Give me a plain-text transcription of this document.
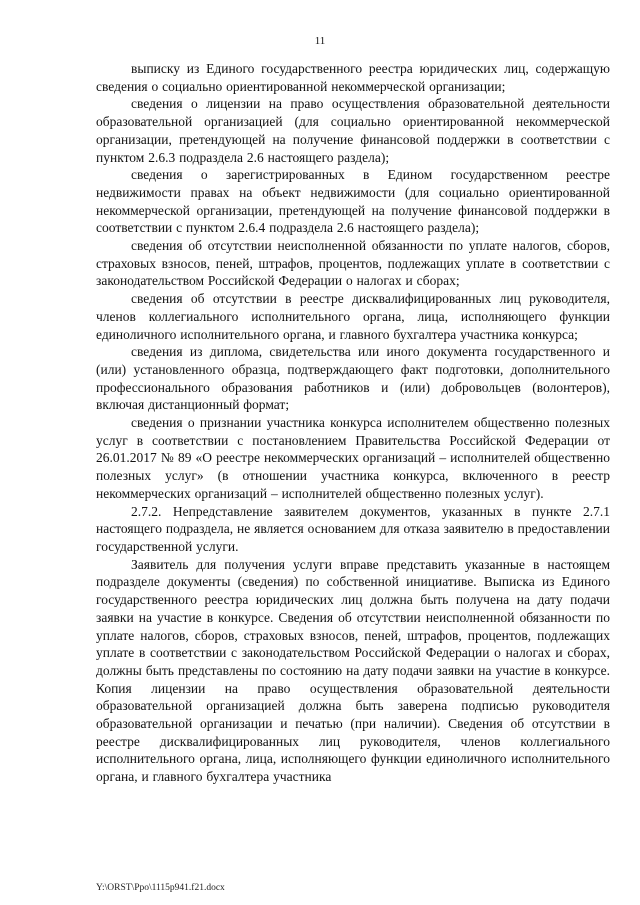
11

выписку из Единого государственного реестра юридических лиц, содержащую сведения о социально ориентированной некоммерческой организации;

сведения о лицензии на право осуществления образовательной деятельности образовательной организацией (для социально ориентированной некоммерческой организации, претендующей на получение финансовой поддержки в соответствии с пунктом 2.6.3 подраздела 2.6 настоящего раздела);

сведения о зарегистрированных в Едином государственном реестре недвижимости правах на объект недвижимости (для социально ориентированной некоммерческой организации, претендующей на получение финансовой поддержки в соответствии с пунктом 2.6.4 подраздела 2.6 настоящего раздела);

сведения об отсутствии неисполненной обязанности по уплате налогов, сборов, страховых взносов, пеней, штрафов, процентов, подлежащих уплате в соответствии с законодательством Российской Федерации о налогах и сборах;

сведения об отсутствии в реестре дисквалифицированных лиц руководителя, членов коллегиального исполнительного органа, лица, исполняющего функции единоличного исполнительного органа, и главного бухгалтера участника конкурса;

сведения из диплома, свидетельства или иного документа государственного и (или) установленного образца, подтверждающего факт подготовки, дополнительного профессионального образования работников и (или) добровольцев (волонтеров), включая дистанционный формат;

сведения о признании участника конкурса исполнителем общественно полезных услуг в соответствии с постановлением Правительства Российской Федерации от 26.01.2017 № 89 «О реестре некоммерческих организаций – исполнителей общественно полезных услуг» (в отношении участника конкурса, включенного в реестр некоммерческих организаций – исполнителей общественно полезных услуг).

2.7.2. Непредставление заявителем документов, указанных в пункте 2.7.1 настоящего подраздела, не является основанием для отказа заявителю в предоставлении государственной услуги.

Заявитель для получения услуги вправе представить указанные в настоящем подразделе документы (сведения) по собственной инициативе. Выписка из Единого государственного реестра юридических лиц должна быть получена на дату подачи заявки на участие в конкурсе. Сведения об отсутствии неисполненной обязанности по уплате налогов, сборов, страховых взносов, пеней, штрафов, процентов, подлежащих уплате в соответствии с законодательством Российской Федерации о налогах и сборах, должны быть представлены по состоянию на дату подачи заявки на участие в конкурсе. Копия лицензии на право осуществления образовательной деятельности образовательной организацией должна быть заверена подписью руководителя образовательной организации и печатью (при наличии). Сведения об отсутствии в реестре дисквалифицированных лиц руководителя, членов коллегиального исполнительного органа, лица, исполняющего функции единоличного исполнительного органа, и главного бухгалтера участника

Y:\ORST\Ppo\1115p941.f21.docx
